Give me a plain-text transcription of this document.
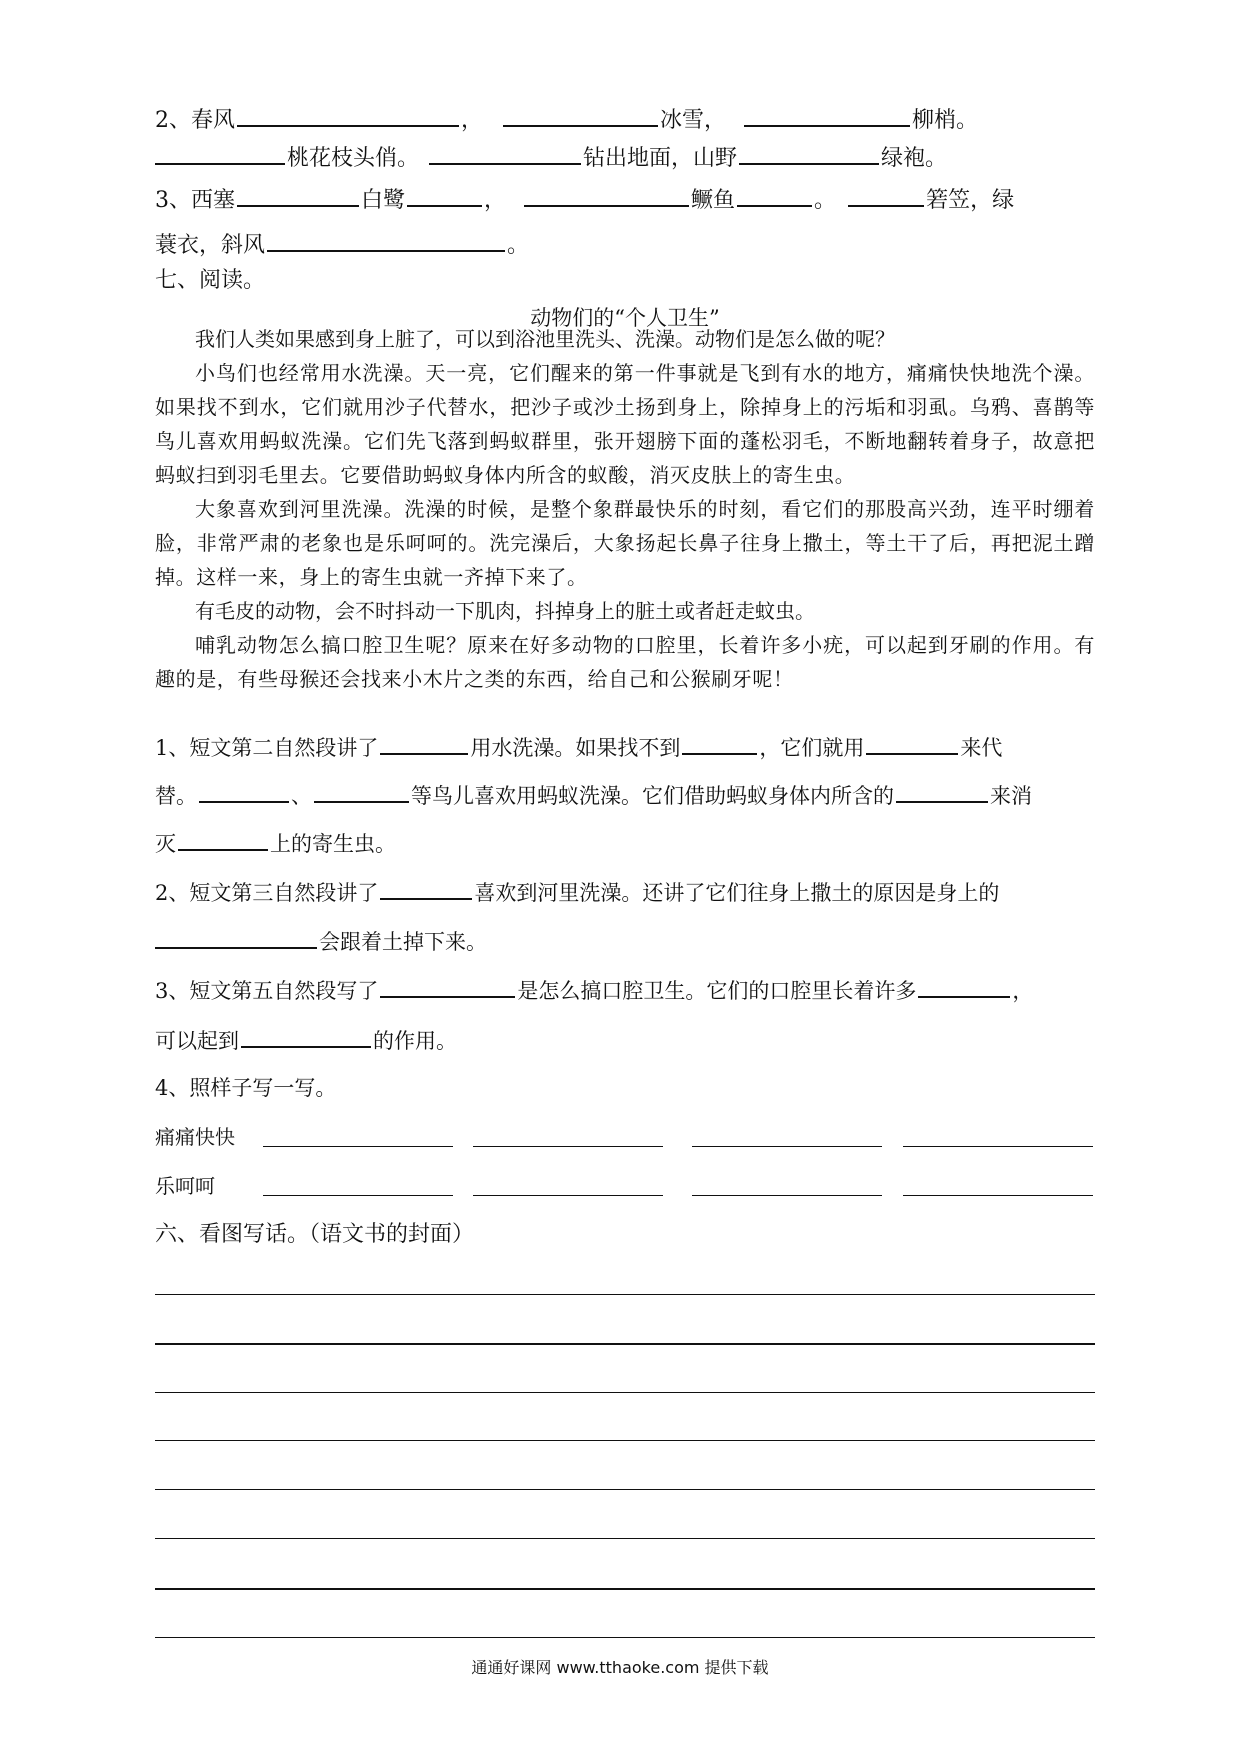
2、春风	，	冰雪，	柳梢。
桃花枝头俏。	钻出地面，山野	绿袍。
3、西塞	白鹭	，	鳜鱼	。	箬笠，绿
蓑衣，斜风	。
七、阅读。
动物们的“个人卫生”
我们人类如果感到身上脏了，可以到浴池里洗头、洗澡。动物们是怎么做的呢？
小鸟们也经常用水洗澡。天一亮，它们醒来的第一件事就是飞到有水的地方，痛痛快快地洗个澡。如果找不到水，它们就用沙子代替水，把沙子或沙土扬到身上，除掉身上的污垢和羽虱。乌鸦、喜鹊等鸟儿喜欢用蚂蚁洗澡。它们先飞落到蚂蚁群里，张开翅膀下面的蓬松羽毛，不断地翻转着身子，故意把蚂蚁扫到羽毛里去。它要借助蚂蚁身体内所含的蚁酸，消灭皮肤上的寄生虫。
大象喜欢到河里洗澡。洗澡的时候，是整个象群最快乐的时刻，看它们的那股高兴劲，连平时绷着脸，非常严肃的老象也是乐呵呵的。洗完澡后，大象扬起长鼻子往身上撒土，等土干了后，再把泥土蹭掉。这样一来，身上的寄生虫就一齐掉下来了。
有毛皮的动物，会不时抖动一下肌肉，抖掉身上的脏土或者赶走蚊虫。
哺乳动物怎么搞口腔卫生呢？原来在好多动物的口腔里，长着许多小疣，可以起到牙刷的作用。有趣的是，有些母猴还会找来小木片之类的东西，给自己和公猴刷牙呢！
1、短文第二自然段讲了	用水洗澡。如果找不到	，它们就用	来代
替。	、	等鸟儿喜欢用蚂蚁洗澡。它们借助蚂蚁身体内所含的	来消
灭	上的寄生虫。
2、短文第三自然段讲了	喜欢到河里洗澡。还讲了它们往身上撒土的原因是身上的
会跟着土掉下来。
3、短文第五自然段写了	是怎么搞口腔卫生。它们的口腔里长着许多	，
可以起到	的作用。
4、照样子写一写。
痛痛快快
乐呵呵
六、看图写话。（语文书的封面）
通通好课网 www.tthaoke.com 提供下载
